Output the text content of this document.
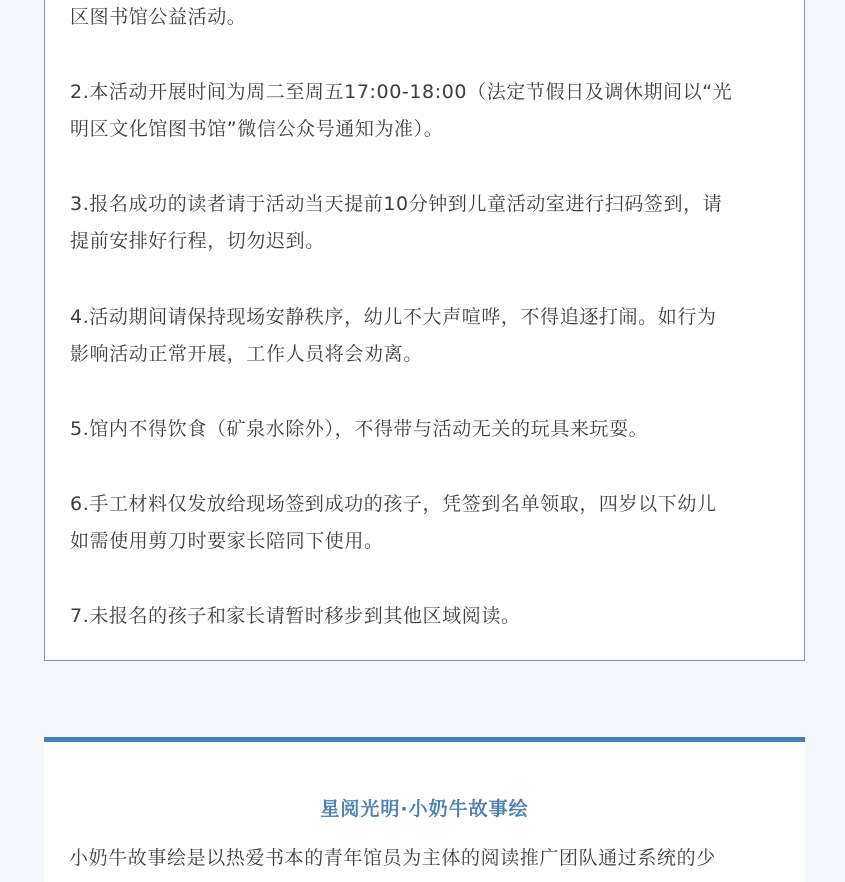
区图书馆公益活动。

2.本活动开展时间为周二至周五17:00-18:00（法定节假日及调休期间以“光
明区文化馆图书馆”微信公众号通知为准）。

3.报名成功的读者请于活动当天提前10分钟到儿童活动室进行扫码签到，请
提前安排好行程，切勿迟到。

4.活动期间请保持现场安静秩序，幼儿不大声喧哗，不得追逐打闹。如行为
影响活动正常开展，工作人员将会劝离。

5.馆内不得饮食（矿泉水除外），不得带与活动无关的玩具来玩耍。

6.手工材料仅发放给现场签到成功的孩子，凭签到名单领取，四岁以下幼儿
如需使用剪刀时要家长陪同下使用。

7.未报名的孩子和家长请暂时移步到其他区域阅读。

星阅光明·小奶牛故事绘

小奶牛故事绘是以热爱书本的青年馆员为主体的阅读推广团队通过系统的少
